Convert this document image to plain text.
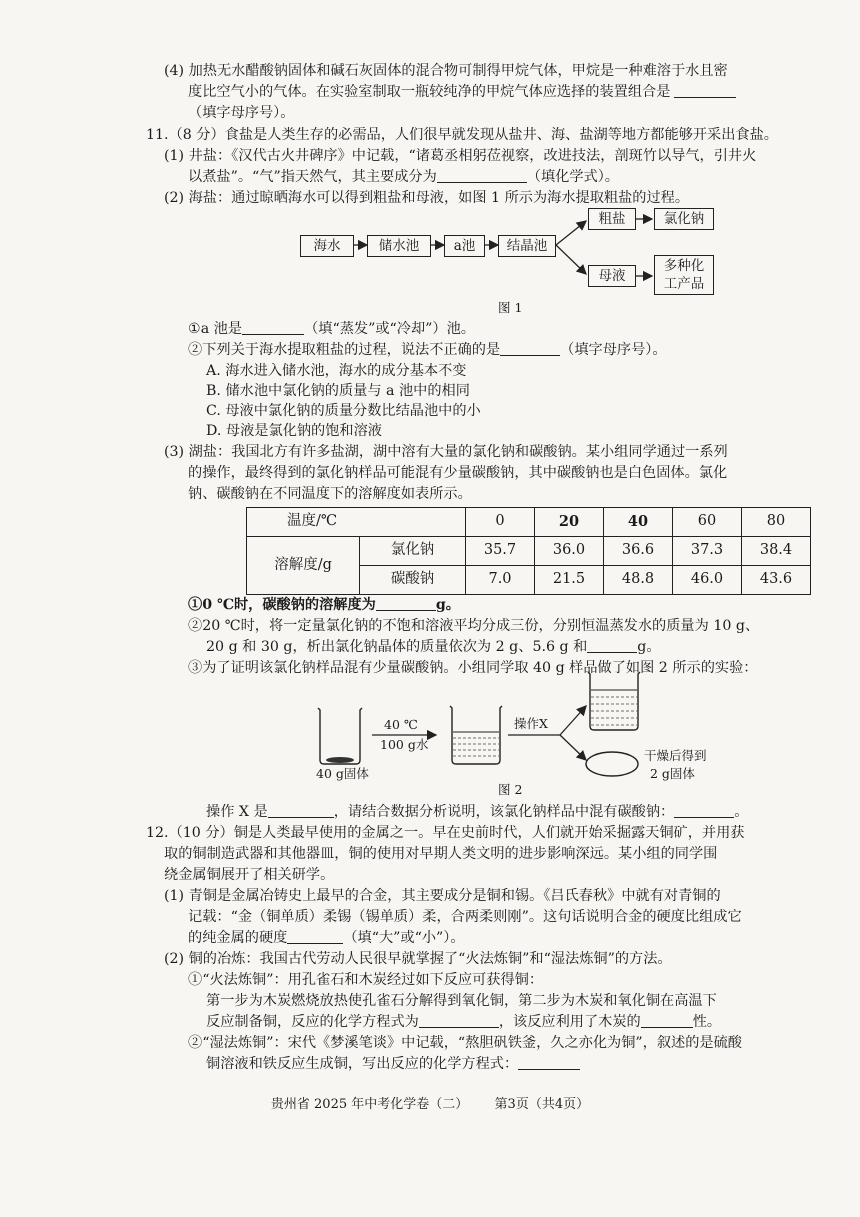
(4) 加热无水醋酸钠固体和碱石灰固体的混合物可制得甲烷气体，甲烷是一种难溶于水且密
度比空气小的气体。在实验室制取一瓶较纯净的甲烷气体应选择的装置组合是
（填字母序号）。
11.（8 分）食盐是人类生存的必需品，人们很早就发现从盐井、海、盐湖等地方都能够开采出食盐。
(1) 井盐：《汉代古火井碑序》中记载，“诸葛丞相躬莅视察，改进技法，剖斑竹以导气，引井火
以煮盐”。“气”指天然气，其主要成分为	（填化学式）。
(2) 海盐：通过晾晒海水可以得到粗盐和母液，如图 1 所示为海水提取粗盐的过程。
海水	储水池	a池	结晶池
粗盐	氯化钠
母液
多种化工产品
图 1
①a 池是	（填“蒸发”或“冷却”）池。
②下列关于海水提取粗盐的过程，说法不正确的是	（填字母序号）。
A. 海水进入储水池，海水的成分基本不变
B. 储水池中氯化钠的质量与 a 池中的相同
C. 母液中氯化钠的质量分数比结晶池中的小
D. 母液是氯化钠的饱和溶液
(3) 湖盐：我国北方有许多盐湖，湖中溶有大量的氯化钠和碳酸钠。某小组同学通过一系列
的操作，最终得到的氯化钠样品可能混有少量碳酸钠，其中碳酸钠也是白色固体。氯化
钠、碳酸钠在不同温度下的溶解度如表所示。
温度/℃		0	20	40	60	80
溶解度/g	氯化钠	35.7	36.0	36.6	37.3	38.4
	碳酸钠	7.0	21.5	48.8	46.0	43.6
①0 ℃时，碳酸钠的溶解度为	g。
②20 ℃时，将一定量氯化钠的不饱和溶液平均分成三份，分别恒温蒸发水的质量为 10 g、
20 g 和 30 g，析出氯化钠晶体的质量依次为 2 g、5.6 g 和	g。
③为了证明该氯化钠样品混有少量碳酸钠。小组同学取 40 g 样品做了如图 2 所示的实验：
40 ℃
100 g水
40 g固体
操作X
干燥后得到
2 g固体
图 2
操作 X 是	，请结合数据分析说明，该氯化钠样品中混有碳酸钠：	。
12.（10 分）铜是人类最早使用的金属之一。早在史前时代，人们就开始采掘露天铜矿，并用获
取的铜制造武器和其他器皿，铜的使用对早期人类文明的进步影响深远。某小组的同学围
绕金属铜展开了相关研学。
(1) 青铜是金属冶铸史上最早的合金，其主要成分是铜和锡。《吕氏春秋》中就有对青铜的
记载：“金（铜单质）柔锡（锡单质）柔，合两柔则刚”。这句话说明合金的硬度比组成它
的纯金属的硬度	（填“大”或“小”）。
(2) 铜的冶炼：我国古代劳动人民很早就掌握了“火法炼铜”和“湿法炼铜”的方法。
①“火法炼铜”：用孔雀石和木炭经过如下反应可获得铜：
第一步为木炭燃烧放热使孔雀石分解得到氧化铜，第二步为木炭和氧化铜在高温下
反应制备铜，反应的化学方程式为	，该反应利用了木炭的	性。
②“湿法炼铜”：宋代《梦溪笔谈》中记载，“熬胆矾铁釜，久之亦化为铜”，叙述的是硫酸
铜溶液和铁反应生成铜，写出反应的化学方程式：
贵州省 2025 年中考化学卷（二） 第3页（共4页）
